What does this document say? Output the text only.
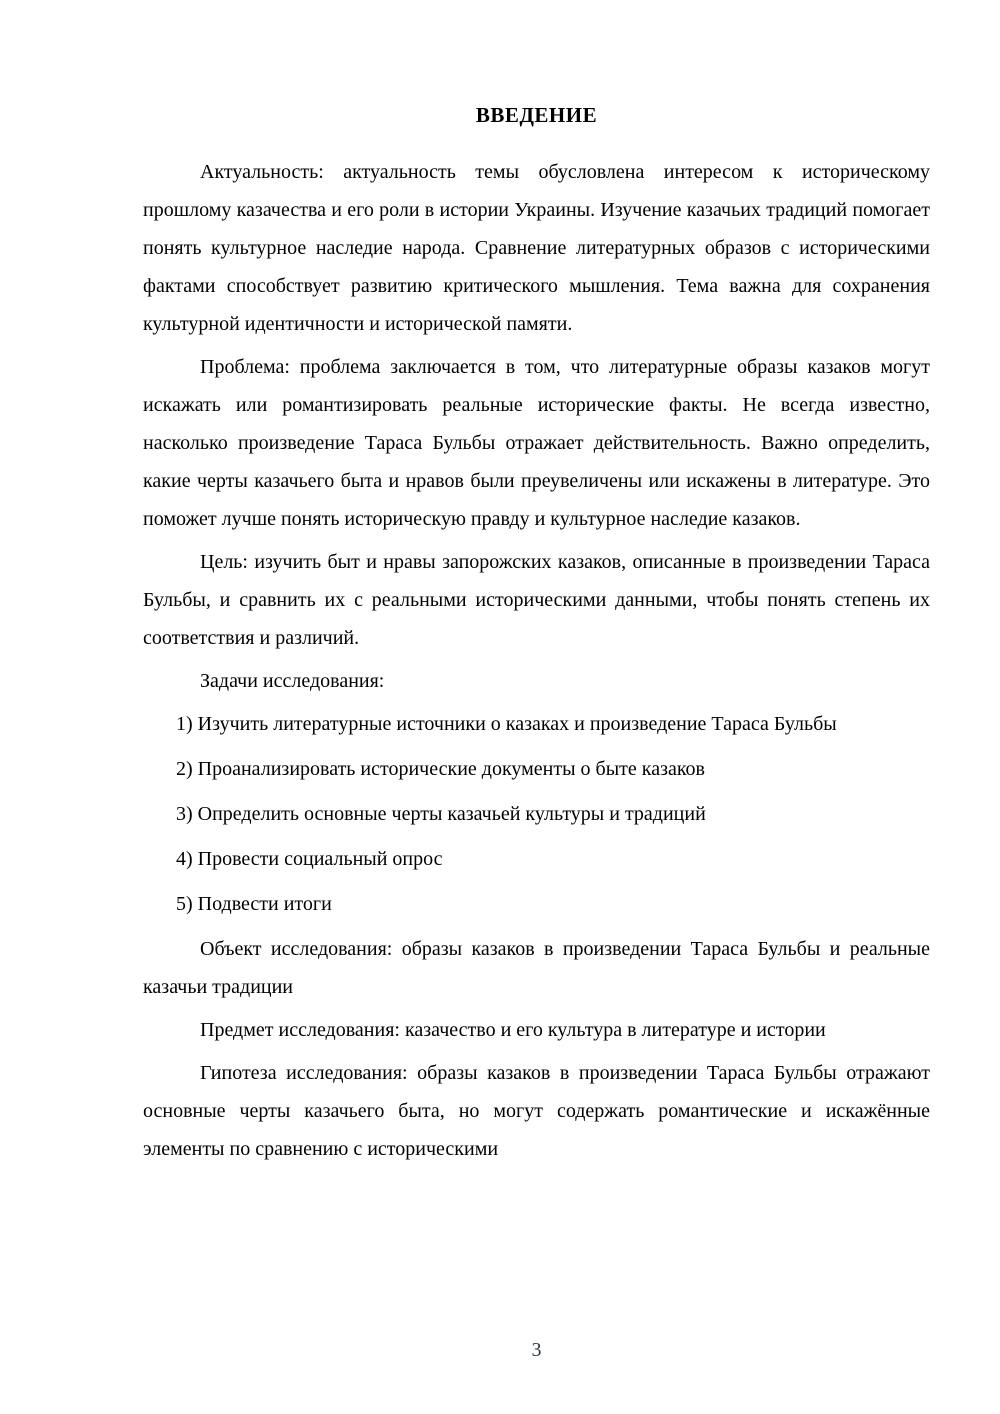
ВВЕДЕНИЕ

Актуальность: актуальность темы обусловлена интересом к историческому прошлому казачества и его роли в истории Украины. Изучение казачьих традиций помогает понять культурное наследие народа. Сравнение литературных образов с историческими фактами способствует развитию критического мышления. Тема важна для сохранения культурной идентичности и исторической памяти.

Проблема: проблема заключается в том, что литературные образы казаков могут искажать или романтизировать реальные исторические факты. Не всегда известно, насколько произведение Тараса Бульбы отражает действительность. Важно определить, какие черты казачьего быта и нравов были преувеличены или искажены в литературе. Это поможет лучше понять историческую правду и культурное наследие казаков.

Цель: изучить быт и нравы запорожских казаков, описанные в произведении Тараса Бульбы, и сравнить их с реальными историческими данными, чтобы понять степень их соответствия и различий.

Задачи исследования:

1) Изучить литературные источники о казаках и произведение Тараса Бульбы

2) Проанализировать исторические документы о быте казаков

3) Определить основные черты казачьей культуры и традиций

4) Провести социальный опрос

5) Подвести итоги

Объект исследования: образы казаков в произведении Тараса Бульбы и реальные казачьи традиции

Предмет исследования: казачество и его культура в литературе и истории

Гипотеза исследования: образы казаков в произведении Тараса Бульбы отражают основные черты казачьего быта, но могут содержать романтические и искажённые элементы по сравнению с историческими

3
